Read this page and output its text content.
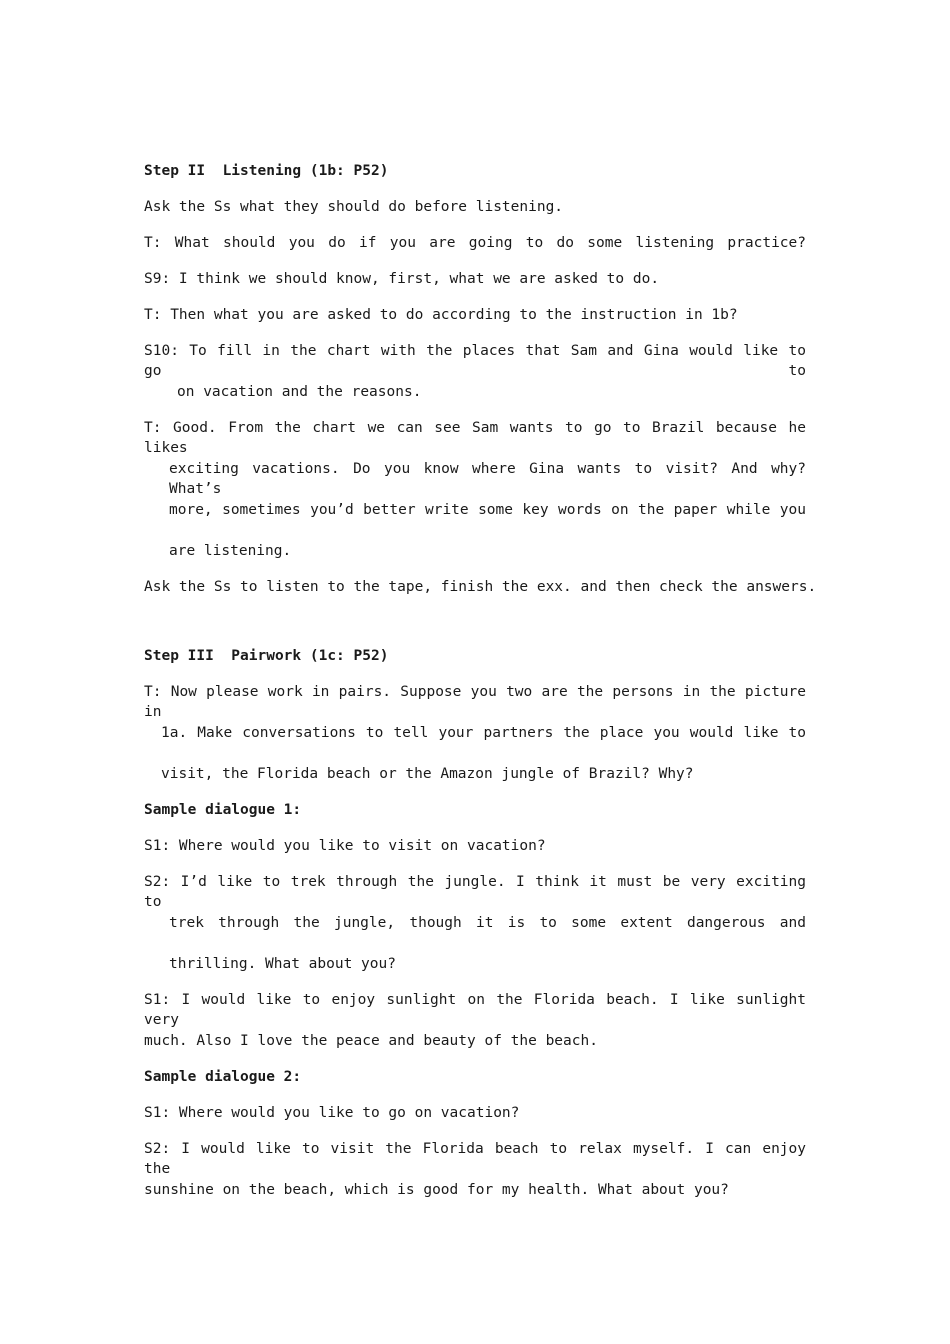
Step II  Listening (1b: P52)
Ask the Ss what they should do before listening.
T: What should you do if you are going to do some listening practice?
S9: I think we should know, first, what we are asked to do.
T: Then what you are asked to do according to the instruction in 1b?
S10: To fill in the chart with the places that Sam and Gina would like to go to
on vacation and the reasons.
T: Good. From the chart we can see Sam wants to go to Brazil because he likes
exciting vacations. Do you know where Gina wants to visit? And why? What’s
more, sometimes you’d better write some key words on the paper while you
are listening.
Ask the Ss to listen to the tape, finish the exx. and then check the answers.
Step III  Pairwork (1c: P52)
T: Now please work in pairs. Suppose you two are the persons in the picture in
1a. Make conversations to tell your partners the place you would like to
visit, the Florida beach or the Amazon jungle of Brazil? Why?
Sample dialogue 1:
S1: Where would you like to visit on vacation?
S2: I’d like to trek through the jungle. I think it must be very exciting to
trek through the jungle, though it is to some extent dangerous and
thrilling. What about you?
S1: I would like to enjoy sunlight on the Florida beach. I like sunlight very
much. Also I love the peace and beauty of the beach.
Sample dialogue 2:
S1: Where would you like to go on vacation?
S2: I would like to visit the Florida beach to relax myself. I can enjoy the
sunshine on the beach, which is good for my health. What about you?
